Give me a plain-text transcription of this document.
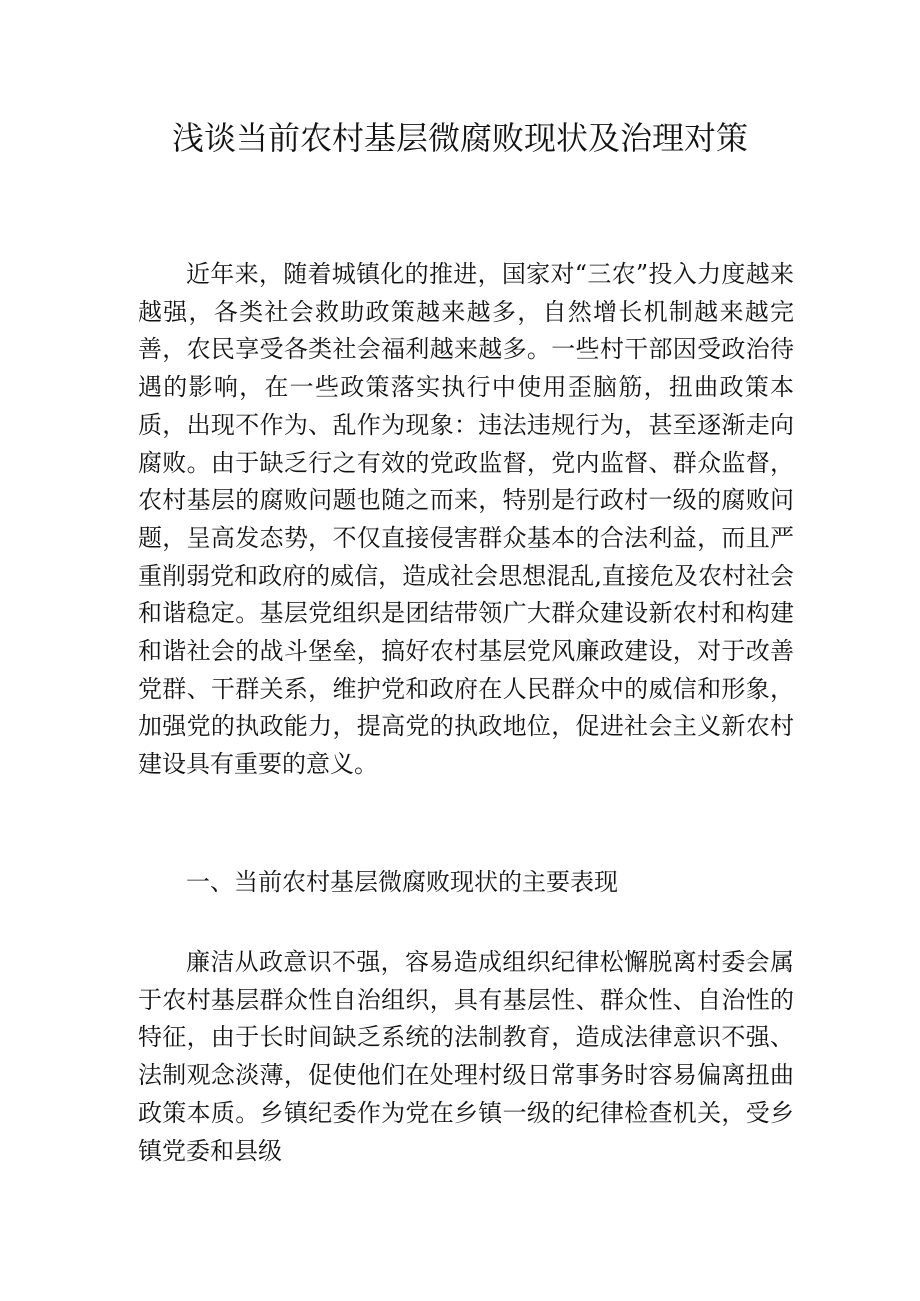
浅谈当前农村基层微腐败现状及治理对策

近年来，随着城镇化的推进，国家对“三农”投入力度越来越强，各类社会救助政策越来越多，自然增长机制越来越完善，农民享受各类社会福利越来越多。一些村干部因受政治待遇的影响，在一些政策落实执行中使用歪脑筋，扭曲政策本质，出现不作为、乱作为现象：违法违规行为，甚至逐渐走向腐败。由于缺乏行之有效的党政监督，党内监督、群众监督，农村基层的腐败问题也随之而来，特别是行政村一级的腐败问题，呈高发态势，不仅直接侵害群众基本的合法利益，而且严重削弱党和政府的威信，造成社会思想混乱,直接危及农村社会和谐稳定。基层党组织是团结带领广大群众建设新农村和构建和谐社会的战斗堡垒，搞好农村基层党风廉政建设，对于改善党群、干群关系，维护党和政府在人民群众中的威信和形象，加强党的执政能力，提高党的执政地位，促进社会主义新农村建设具有重要的意义。

一、当前农村基层微腐败现状的主要表现

廉洁从政意识不强，容易造成组织纪律松懈脱离村委会属于农村基层群众性自治组织，具有基层性、群众性、自治性的特征，由于长时间缺乏系统的法制教育，造成法律意识不强、法制观念淡薄，促使他们在处理村级日常事务时容易偏离扭曲政策本质。乡镇纪委作为党在乡镇一级的纪律检查机关，受乡镇党委和县级
